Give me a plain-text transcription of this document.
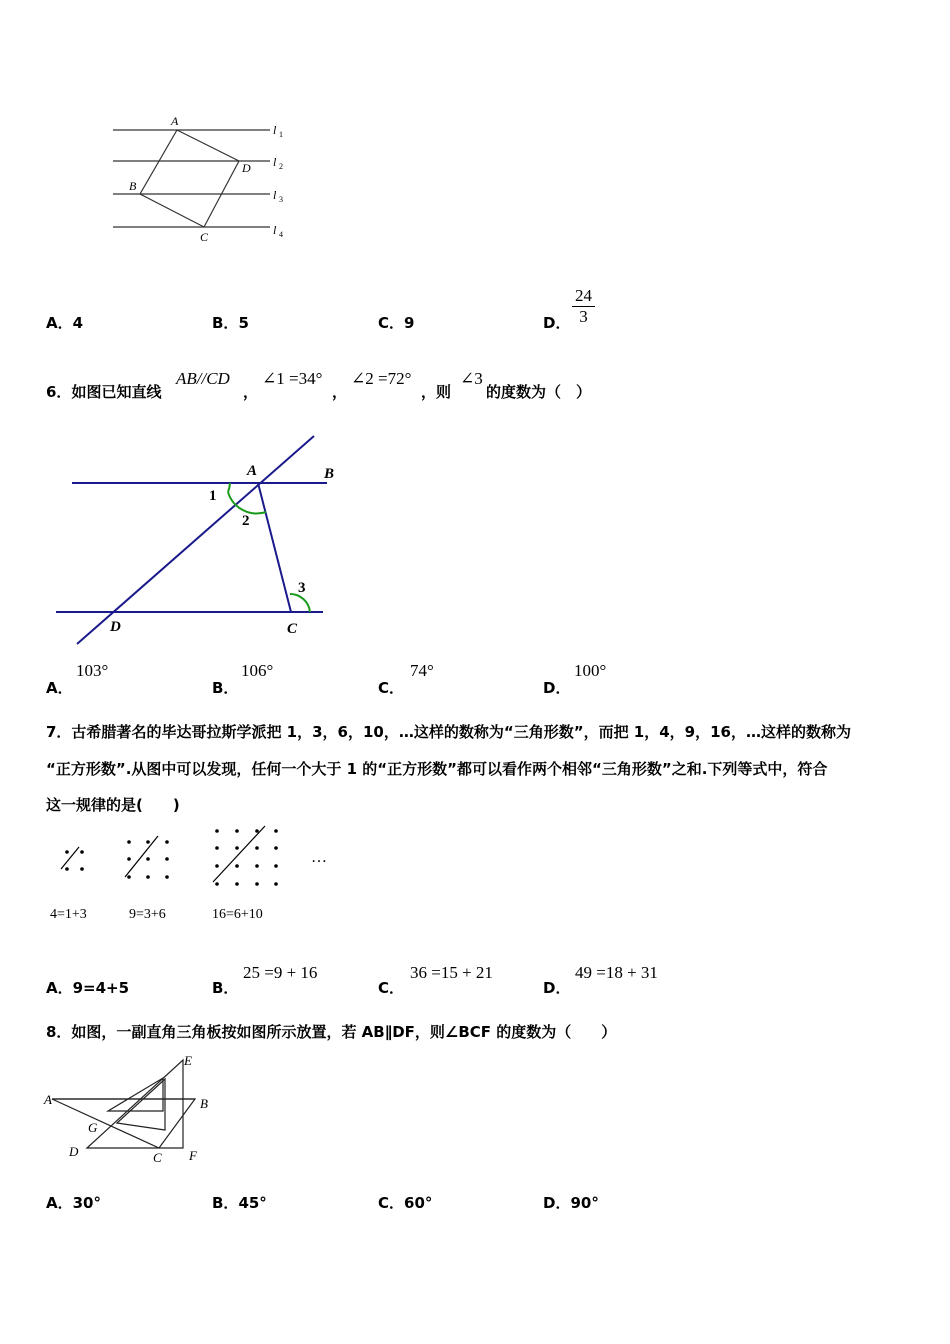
A
D
B
C
l 1
l 2
l 3
l 4
A．4	B．5	C．9	D． $\frac{24}{3}$
6．如图已知直线
AB//CD
，
∠1 =34°
，
∠2 =72°
，则
∠3
的度数为（　）
A	B
D	C
1
2
3
A．
103°
B．
106°
C．
74°
D．
100°
7．古希腊著名的毕达哥拉斯学派把 1，3，6，10，…这样的数称为“三角形数”，而把 1，4，9，16，…这样的数称为
“正方形数”.从图中可以发现，任何一个大于 1 的“正方形数”都可以看作两个相邻“三角形数”之和.下列等式中，符合
这一规律的是(　　)
…
4=1+3	9=3+6	16=6+10
A．9=4+5	B．
25 =9 + 16
C．
36 =15 + 21
D．
49 =18 + 31
8．如图，一副直角三角板按如图所示放置，若 AB∥DF，则∠BCF 的度数为（　　）
A	B
C
D
E
F
G
A．30°	B．45°	C．60°	D．90°
